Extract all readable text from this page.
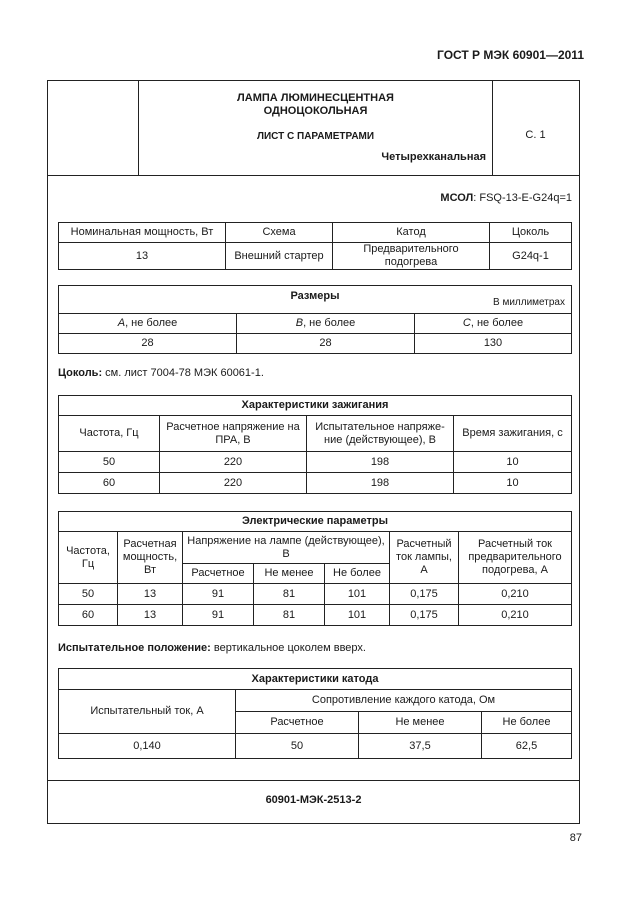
ГОСТ Р МЭК 60901—2011
ЛАМПА ЛЮМИНЕСЦЕНТНАЯ
ОДНОЦОКОЛЬНАЯ
ЛИСТ С ПАРАМЕТРАМИ
Четырехканальная
С. 1
60901-МЭК-2513-2
МСОЛ: FSQ-13-E-G24q=1
Номинальная мощность, Вт	Схема	Катод	Цоколь
13	Внешний стартер	Предварительного подогрева	G24q-1
Размеры
В миллиметрах		

A, не более	B, не более	C, не более
28	28	130
Цоколь: см. лист 7004-78 МЭК 60061-1.
Характеристики зажигания			
Частота, Гц	Расчетное напряжение на ПРА, В	Испытательное напряже-ние (действующее), В	Время зажигания, с
50	220	198	10
60	220	198	10
Электрические параметры						
Частота, Гц	Расчетная мощность, Вт	Напряжение на лампе (действующее), В			Расчетный ток лампы, А	Расчетный ток предварительного подогрева, А
		Расчетное	Не менее	Не более		
50	13	91	81	101	0,175	0,210
60	13	91	81	101	0,175	0,210
Испытательное положение: вертикальное цоколем вверх.
Характеристики катода			
Испытательный ток, А	Сопротивление каждого катода, Ом		
	Расчетное	Не менее	Не более
0,140	50	37,5	62,5
87
